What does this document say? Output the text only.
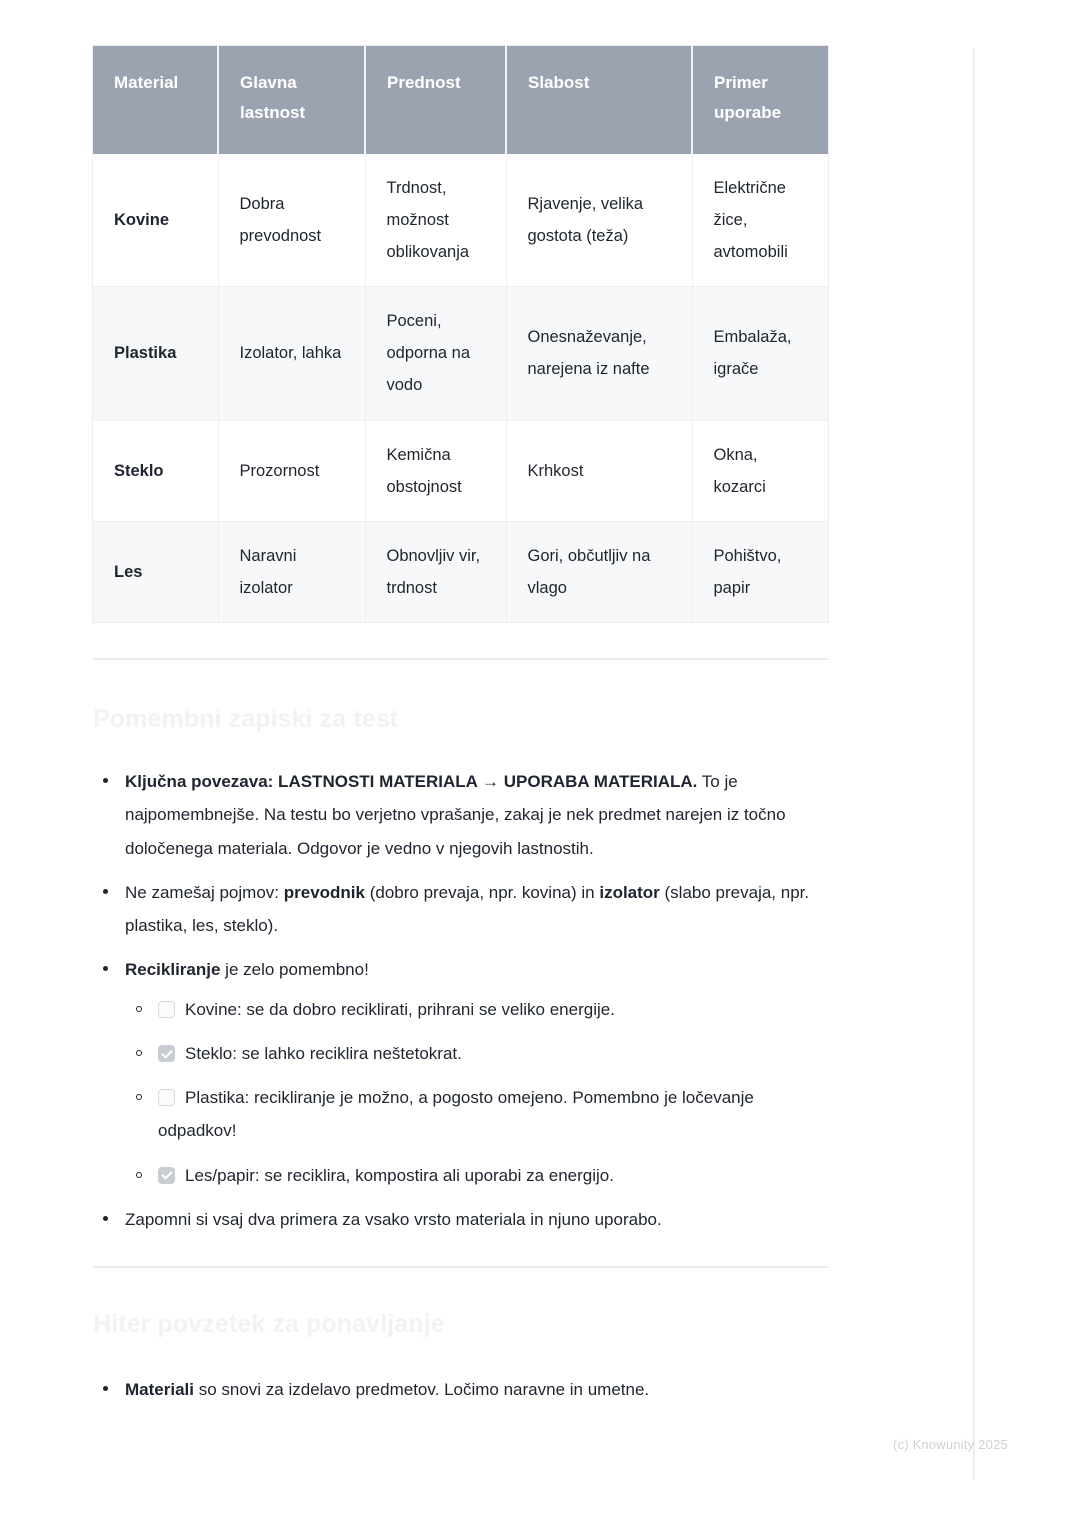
Material	Glavna lastnost	Prednost	Slabost	Primer uporabe
Kovine	Dobra prevodnost	Trdnost, možnost oblikovanja	Rjavenje, velika gostota (teža)	Električne žice, avtomobili
Plastika	Izolator, lahka	Poceni, odporna na vodo	Onesnaževanje, narejena iz nafte	Embalaža, igrače
Steklo	Prozornost	Kemična obstojnost	Krhkost	Okna, kozarci
Les	Naravni izolator	Obnovljiv vir, trdnost	Gori, občutljiv na vlago	Pohištvo, papir
Pomembni zapiski za test
Ključna povezava: LASTNOSTI MATERIALA → UPORABA MATERIALA. To je najpomembnejše. Na testu bo verjetno vprašanje, zakaj je nek predmet narejen iz točno določenega materiala. Odgovor je vedno v njegovih lastnostih.
Ne zamešaj pojmov: prevodnik (dobro prevaja, npr. kovina) in izolator (slabo prevaja, npr. plastika, les, steklo).
Recikliranje je zelo pomembno!
Kovine: se da dobro reciklirati, prihrani se veliko energije.
Steklo: se lahko reciklira neštetokrat.
Plastika: recikliranje je možno, a pogosto omejeno. Pomembno je ločevanje odpadkov!
Les/papir: se reciklira, kompostira ali uporabi za energijo.
Zapomni si vsaj dva primera za vsako vrsto materiala in njuno uporabo.
Hiter povzetek za ponavljanje
Materiali so snovi za izdelavo predmetov. Ločimo naravne in umetne.
(c) Knowunity 2025
